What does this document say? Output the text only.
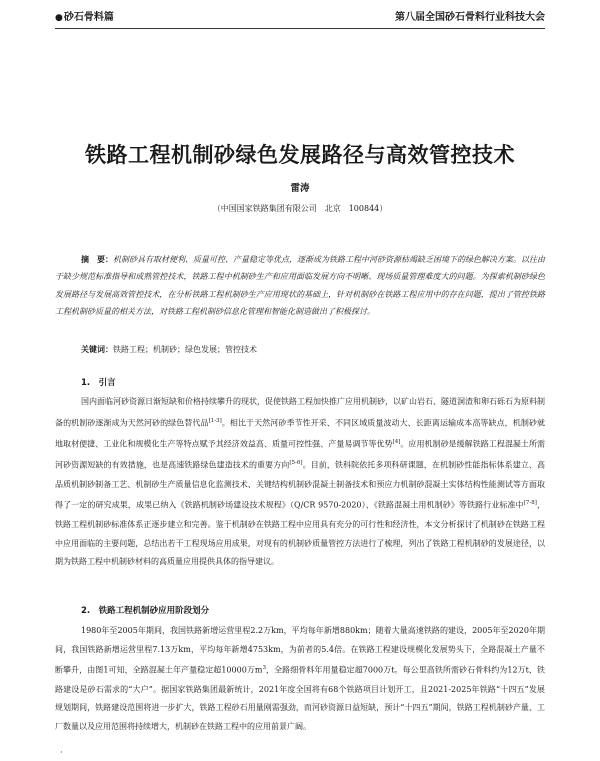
●砂石骨料篇	第八届全国砂石骨料行业科技大会
铁路工程机制砂绿色发展路径与高效管控技术
雷涛
（中国国家铁路集团有限公司　北京　100844）
摘　要：机制砂具有取材便利、质量可控、产量稳定等优点，逐渐成为铁路工程中河砂资源枯竭缺乏困境下的绿色解决方案。以往由于缺少规范标准指导和成熟管控技术，铁路工程中机制砂生产和应用面临发展方向不明晰、现场质量管理难度大的问题。为探索机制砂绿色发展路径与发展高效管控技术，在分析铁路工程机制砂生产应用现状的基础上，针对机制砂在铁路工程应用中的存在问题，提出了管控铁路工程机制砂质量的相关方法，对铁路工程机制砂信息化管理和智能化制造做出了积极探讨。
关键词：铁路工程；机制砂；绿色发展；管控技术
1.　引言
国内面临河砂资源日渐短缺和价格持续攀升的现状，促使铁路工程加快推广应用机制砂，以矿山岩石、隧道洞渣和卵石砾石为原料制备的机制砂逐渐成为天然河砂的绿色替代品[1-3]。相比于天然河砂季节性开采、不同区域质量波动大、长距离运输成本高等缺点，机制砂就地取材便捷、工业化和规模化生产等特点赋予其经济效益高、质量可控性强、产量易调节等优势[4]。应用机制砂是缓解铁路工程混凝土所需河砂资源短缺的有效措施，也是高速铁路绿色建造技术的重要方向[5-6]。目前，铁科院依托多项科研课题，在机制砂性能指标体系建立、高品质机制砂制备工艺、机制砂生产质量信息化监测技术、关键结构机制砂混凝土制备技术和预应力机制砂混凝土实体结构性能测试等方面取得了一定的研究成果，成果已纳入《铁路机制砂场建设技术规程》（Q/CR 9570-2020）、《铁路混凝土用机制砂》等铁路行业标准中[7-8]，铁路工程机制砂标准体系正逐步建立和完善。鉴于机制砂在铁路工程中应用具有充分的可行性和经济性，本文分析探讨了机制砂在铁路工程中应用面临的主要问题，总结出若干工程现场应用成果，对现有的机制砂质量管控方法进行了梳理，列出了铁路工程机制砂的发展途径，以期为铁路工程中机制砂材料的高质量应用提供具体的指导建议。
2.　铁路工程机制砂应用阶段划分
1980年至2005年期间，我国铁路新增运营里程2.2万km，平均每年新增880km；随着大量高速铁路的建设，2005年至2020年期间，我国铁路新增运营里程7.13万km，平均每年新增4753km，为前者的5.4倍。在铁路工程建设规模化发展势头下，全路混凝土产量不断攀升，由图1可知，全路混凝土年产量稳定超10000万$m^3$，全路细骨料年用量稳定超7000万t。每公里高铁所需砂石骨料约为12万t，铁路建设是砂石需求的“大户”。据国家铁路集团最新统计，2021年度全国将有68个铁路项目计划开工，且2021-2025年铁路“十四五”发展规划期间，铁路建设范围将进一步扩大，铁路工程砂石用量刚需强劲，而河砂资源日益短缺，预计“十四五”期间，铁路工程机制砂产量、工厂数量以及应用范围将持续增大，机制砂在铁路工程中的应用前景广阔。
·
